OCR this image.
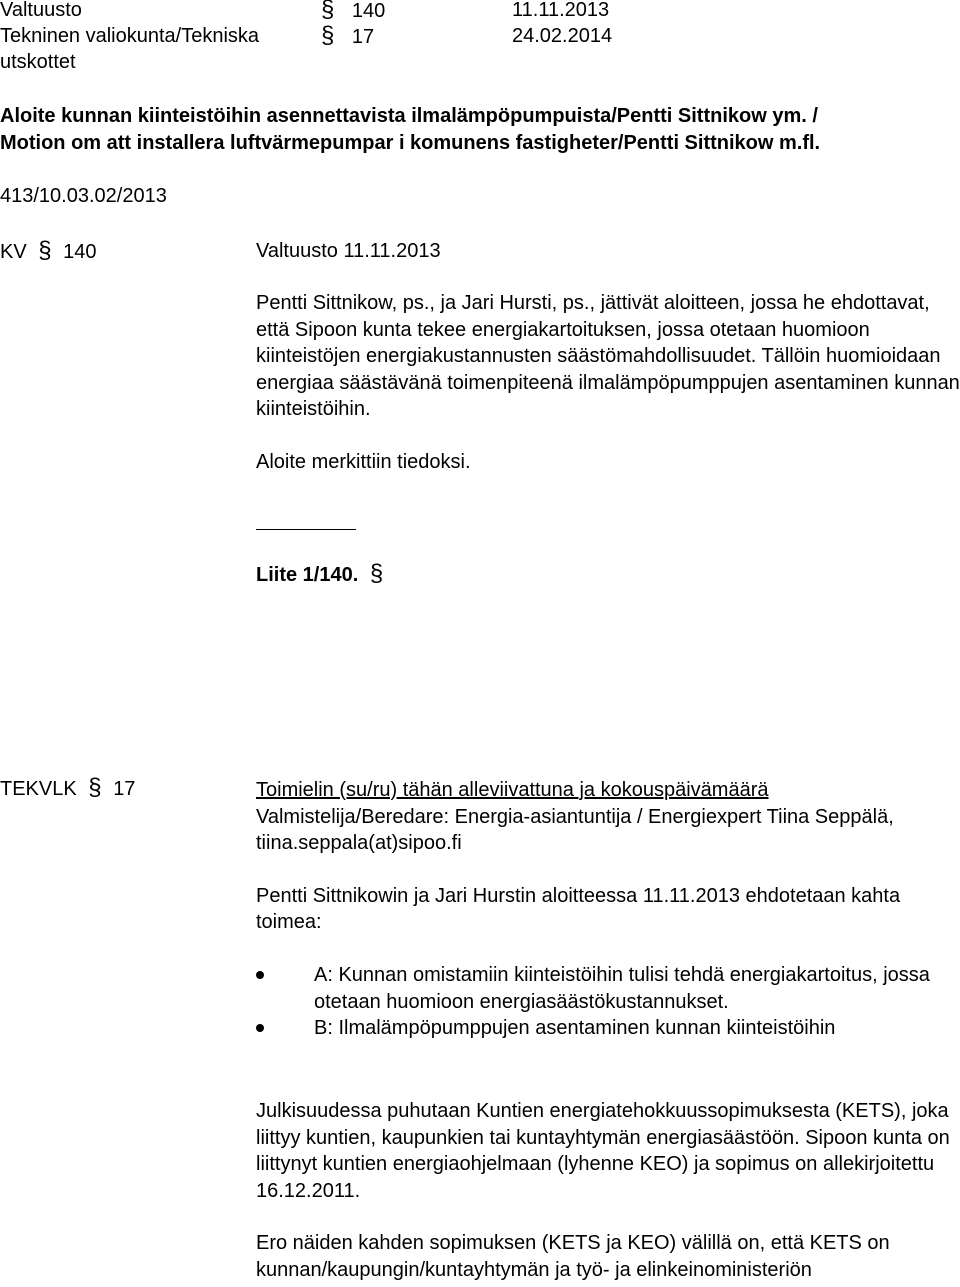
Valtuusto	§ 140	11.11.2013
Tekninen valiokunta/Tekniska	§ 17	24.02.2014
utskottet
Aloite kunnan kiinteistöihin asennettavista ilmalämpöpumpuista/Pentti Sittnikow ym. /
Motion om att installera luftvärmepumpar i komunens fastigheter/Pentti Sittnikow m.fl.
413/10.03.02/2013
KV § 140	Valtuusto 11.11.2013

Pentti Sittnikow, ps., ja Jari Hursti, ps., jättivät aloitteen, jossa he ehdottavat, että Sipoon kunta tekee energiakartoituksen, jossa otetaan huomioon kiinteistöjen energiakustannusten säästömahdollisuudet. Tällöin huomioidaan energiaa säästävänä toimenpiteenä ilmalämpöpumppujen asentaminen kunnan kiinteistöihin.

Aloite merkittiin tiedoksi.

Liite 1/140. §
TEKVLK § 17	Toimielin (su/ru) tähän alleviivattuna ja kokouspäivämäärä

Valmistelija/Beredare: Energia-asiantuntija / Energiexpert Tiina Seppälä, tiina.seppala(at)sipoo.fi

Pentti Sittnikowin ja Jari Hurstin aloitteessa 11.11.2013 ehdotetaan kahta toimea:

A: Kunnan omistamiin kiinteistöihin tulisi tehdä energiakartoitus, jossa otetaan huomioon energiasäästökustannukset.
B: Ilmalämpöpumppujen asentaminen kunnan kiinteistöihin

Julkisuudessa puhutaan Kuntien energiatehokkuussopimuksesta (KETS), joka liittyy kuntien, kaupunkien tai kuntayhtymän energiasäästöön. Sipoon kunta on liittynyt kuntien energiaohjelmaan (lyhenne KEO) ja sopimus on allekirjoitettu 16.12.2011.

Ero näiden kahden sopimuksen (KETS ja KEO) välillä on, että KETS on kunnan/kaupungin/kuntayhtymän ja työ- ja elinkeinoministeriön
